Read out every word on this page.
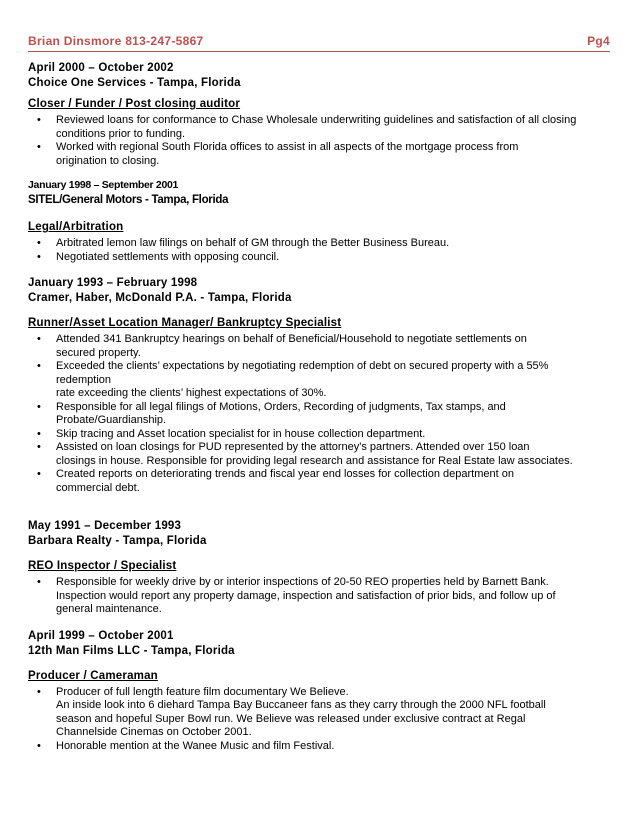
Brian Dinsmore 813-247-5867	Pg4
April 2000 – October 2002
Choice One Services - Tampa, Florida
Closer / Funder / Post closing auditor
• Reviewed loans for conformance to Chase Wholesale underwriting guidelines and satisfaction of all closing
conditions prior to funding.
• Worked with regional South Florida offices to assist in all aspects of the mortgage process from
origination to closing.
January 1998 – September 2001
SITEL/General Motors - Tampa, Florida
Legal/Arbitration
• Arbitrated lemon law filings on behalf of GM through the Better Business Bureau.
• Negotiated settlements with opposing council.
January 1993 – February 1998
Cramer, Haber, McDonald P.A. - Tampa, Florida
Runner/Asset Location Manager/ Bankruptcy Specialist
• Attended 341 Bankruptcy hearings on behalf of Beneficial/Household to negotiate settlements on
secured property.
• Exceeded the clients’ expectations by negotiating redemption of debt on secured property with a 55%
redemption
rate exceeding the clients’ highest expectations of 30%.
• Responsible for all legal filings of Motions, Orders, Recording of judgments, Tax stamps, and
Probate/Guardianship.
• Skip tracing and Asset location specialist for in house collection department.
• Assisted on loan closings for PUD represented by the attorney's partners. Attended over 150 loan
closings in house. Responsible for providing legal research and assistance for Real Estate law associates.
• Created reports on deteriorating trends and fiscal year end losses for collection department on
commercial debt.
May 1991 – December 1993
Barbara Realty - Tampa, Florida
REO Inspector / Specialist
• Responsible for weekly drive by or interior inspections of 20-50 REO properties held by Barnett Bank.
Inspection would report any property damage, inspection and satisfaction of prior bids, and follow up of
general maintenance.
April 1999 – October 2001
12th Man Films LLC - Tampa, Florida
Producer / Cameraman
• Producer of full length feature film documentary We Believe.
An inside look into 6 diehard Tampa Bay Buccaneer fans as they carry through the 2000 NFL football
season and hopeful Super Bowl run. We Believe was released under exclusive contract at Regal
Channelside Cinemas on October 2001.
• Honorable mention at the Wanee Music and film Festival.
